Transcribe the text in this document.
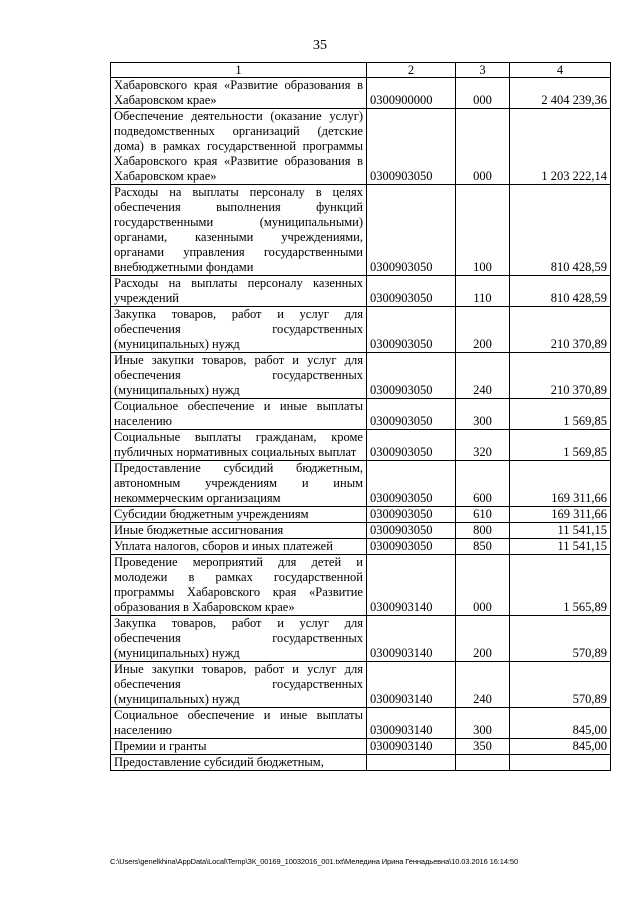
35
1	2	3	4
Хабаровского края «Развитие образования в Хабаровском крае»	0300900000	000	2 404 239,36
Обеспечение деятельности (оказание услуг) подведомственных организаций (детские дома) в рамках государственной программы Хабаровского края «Развитие образования в Хабаровском крае»	0300903050	000	1 203 222,14
Расходы на выплаты персоналу в целях обеспечения выполнения функций государственными (муниципальными) органами, казенными учреждениями, органами управления государственными внебюджетными фондами	0300903050	100	810 428,59
Расходы на выплаты персоналу казенных учреждений	0300903050	110	810 428,59
Закупка товаров, работ и услуг для обеспечения государственных (муниципальных) нужд	0300903050	200	210 370,89
Иные закупки товаров, работ и услуг для обеспечения государственных (муниципальных) нужд	0300903050	240	210 370,89
Социальное обеспечение и иные выплаты населению	0300903050	300	1 569,85
Социальные выплаты гражданам, кроме публичных нормативных социальных выплат	0300903050	320	1 569,85
Предоставление субсидий бюджетным, автономным учреждениям и иным некоммерческим организациям	0300903050	600	169 311,66
Субсидии бюджетным учреждениям	0300903050	610	169 311,66
Иные бюджетные ассигнования	0300903050	800	11 541,15
Уплата налогов, сборов и иных платежей	0300903050	850	11 541,15
Проведение мероприятий для детей и молодежи в рамках государственной программы Хабаровского края «Развитие образования в Хабаровском крае»	0300903140	000	1 565,89
Закупка товаров, работ и услуг для обеспечения государственных (муниципальных) нужд	0300903140	200	570,89
Иные закупки товаров, работ и услуг для обеспечения государственных (муниципальных) нужд	0300903140	240	570,89
Социальное обеспечение и иные выплаты населению	0300903140	300	845,00
Премии и гранты	0300903140	350	845,00
Предоставление субсидий бюджетным,			
C:\Users\genelkhina\AppData\Local\Temp\ЗК_00169_10032016_001.txt\Меледина Ирина Геннадьевна\10.03.2016 16:14:50
